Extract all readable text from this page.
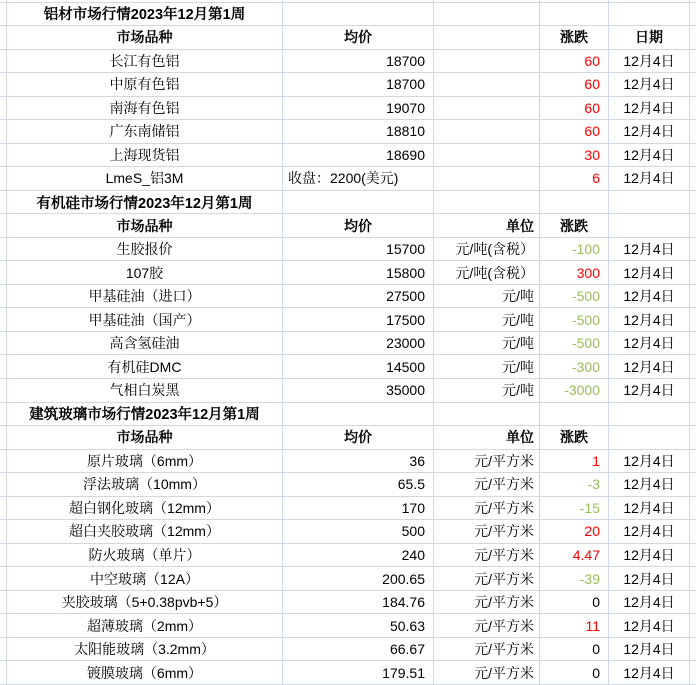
铝材市场行情2023年12月第1周
市场品种	均价	涨跌	日期
长江有色铝	18700	60	12月4日
中原有色铝	18700	60	12月4日
南海有色铝	19070	60	12月4日
广东南储铝	18810	60	12月4日
上海现货铝	18690	30	12月4日
LmeS_铝3M	收盘：2200(美元)	6	12月4日
有机硅市场行情2023年12月第1周
市场品种	均价	单位	涨跌
生胶报价	15700	元/吨(含税）	-100	12月4日
107胶	15800	元/吨(含税）	300	12月4日
甲基硅油（进口）	27500	元/吨	-500	12月4日
甲基硅油（国产）	17500	元/吨	-500	12月4日
高含氢硅油	23000	元/吨	-500	12月4日
有机硅DMC	14500	元/吨	-300	12月4日
气相白炭黑	35000	元/吨	-3000	12月4日
建筑玻璃市场行情2023年12月第1周
市场品种	均价	单位	涨跌
原片玻璃（6mm）	36	元/平方米	1	12月4日
浮法玻璃（10mm）	65.5	元/平方米	-3	12月4日
超白钢化玻璃（12mm）	170	元/平方米	-15	12月4日
超白夹胶玻璃（12mm）	500	元/平方米	20	12月4日
防火玻璃（单片）	240	元/平方米	4.47	12月4日
中空玻璃（12A）	200.65	元/平方米	-39	12月4日
夹胶玻璃（5+0.38pvb+5）	184.76	元/平方米	0	12月4日
超薄玻璃（2mm）	50.63	元/平方米	11	12月4日
太阳能玻璃（3.2mm）	66.67	元/平方米	0	12月4日
镀膜玻璃（6mm）	179.51	元/平方米	0	12月4日
